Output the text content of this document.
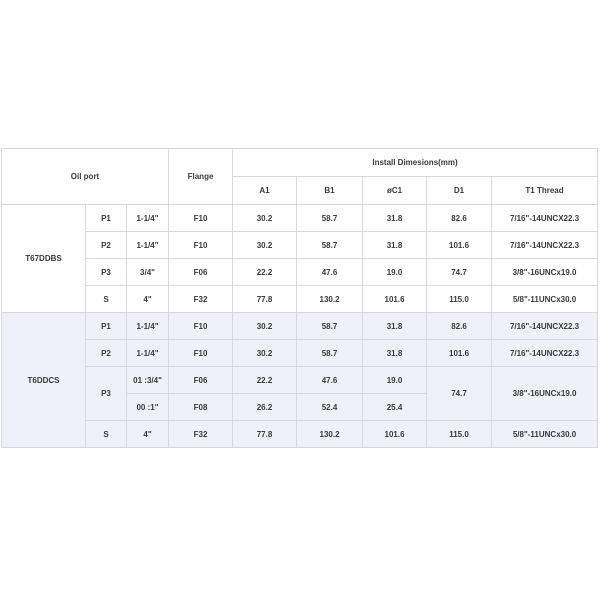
Oil port			Flange	Install Dimesions(mm)				
				A1	B1	øC1	D1	T1 Thread
T67DDBS	P1	1-1/4"	F10	30.2	58.7	31.8	82.6	7/16"-14UNCX22.3
	P2	1-1/4"	F10	30.2	58.7	31.8	101.6	7/16"-14UNCX22.3
	P3	3/4"	F06	22.2	47.6	19.0	74.7	3/8"-16UNCx19.0
	S	4"	F32	77.8	130.2	101.6	115.0	5/8"-11UNCx30.0
T6DDCS	P1	1-1/4"	F10	30.2	58.7	31.8	82.6	7/16"-14UNCX22.3
	P2	1-1/4"	F10	30.2	58.7	31.8	101.6	7/16"-14UNCX22.3
	P3	01 :3/4"	F06	22.2	47.6	19.0	74.7	3/8"-16UNCx19.0
		00 :1"	F08	26.2	52.4	25.4		
	S	4"	F32	77.8	130.2	101.6	115.0	5/8"-11UNCx30.0
